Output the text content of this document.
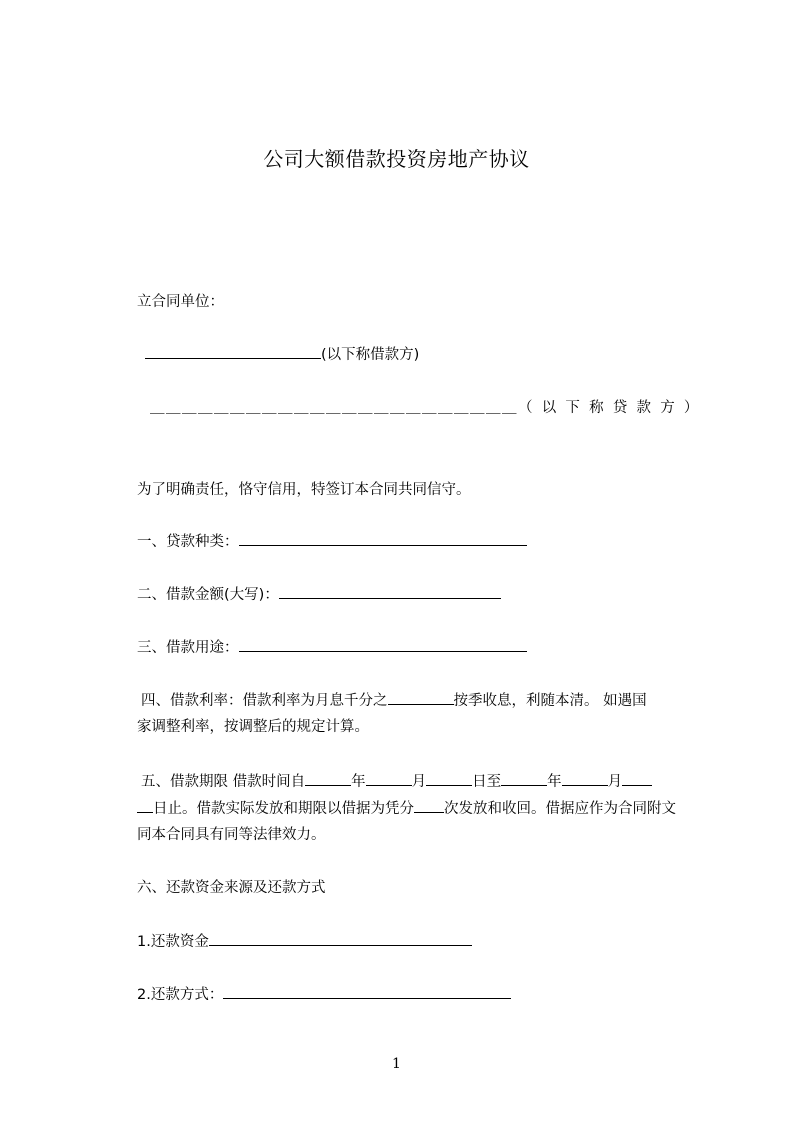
公司大额借款投资房地产协议
立合同单位：
(以下称借款方)
＿＿＿＿＿＿＿＿＿＿＿＿＿＿＿＿＿＿＿＿＿＿＿（以下称贷款方）
为了明确责任，恪守信用，特签订本合同共同信守。
一、贷款种类：
二、借款金额(大写)：
三、借款用途：
四、借款利率：借款利率为月息千分之	按季收息，利随本清。 如遇国
家调整利率，按调整后的规定计算。
五、借款期限 借款时间自	年	月	日至	年	月
日止。借款实际发放和期限以借据为凭分 次发放和收回。借据应作为合同附文
同本合同具有同等法律效力。
六、还款资金来源及还款方式
1.还款资金
2.还款方式：
1
